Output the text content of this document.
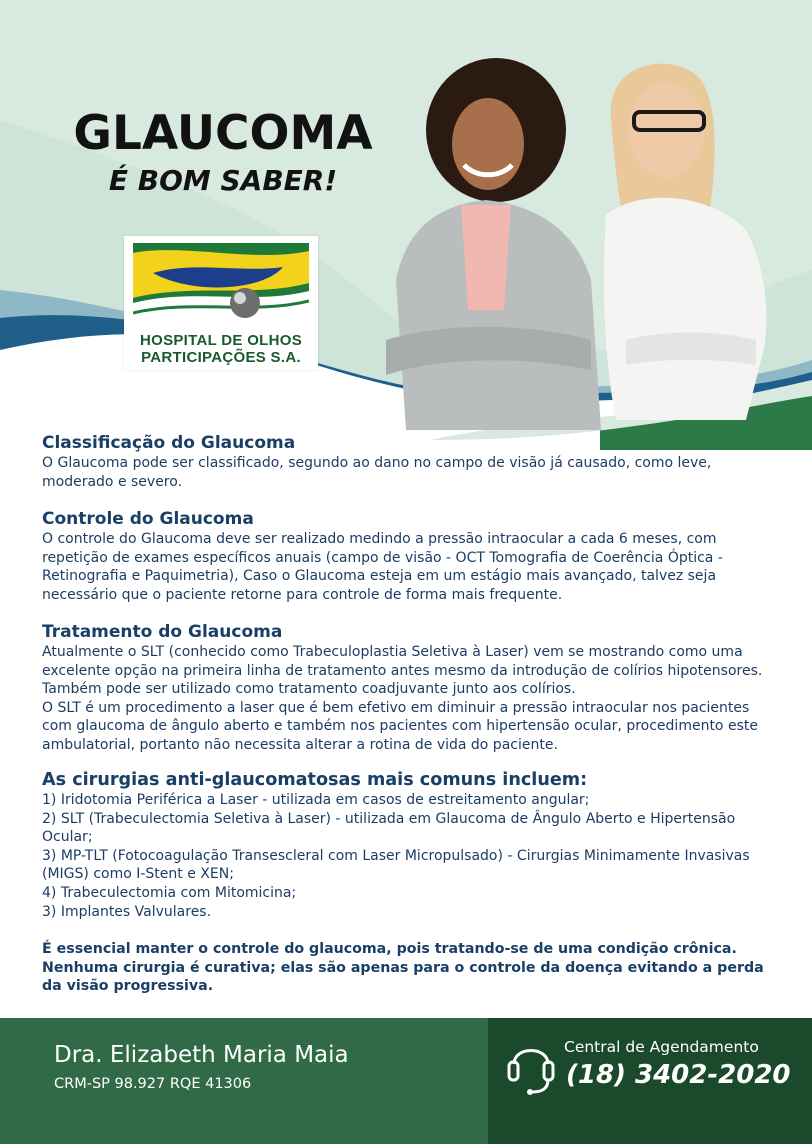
GLAUCOMA
É BOM SABER!
HOSPITAL DE OLHOS
PARTICIPAÇÕES S.A.
Classificação do Glaucoma

O Glaucoma pode ser classificado, segundo ao dano no campo de visão já causado, como leve, moderado e severo.

Controle do Glaucoma

O controle do Glaucoma deve ser realizado medindo a pressão intraocular a cada 6 meses, com repetição de exames específicos anuais (campo de visão - OCT Tomografia de Coerência Óptica - Retinografia e Paquimetria), Caso o Glaucoma esteja em um estágio mais avançado, talvez seja necessário que o paciente retorne para controle de forma mais frequente.

Tratamento do Glaucoma

Atualmente o SLT (conhecido como Trabeculoplastia Seletiva à Laser) vem se mostrando como uma excelente opção na primeira linha de tratamento antes mesmo da introdução de colírios hipotensores. Também pode ser utilizado como tratamento coadjuvante junto aos colírios.

O SLT é um procedimento a laser que é bem efetivo em diminuir a pressão intraocular nos pacientes com glaucoma de ângulo aberto e também nos pacientes com hipertensão ocular, procedimento este ambulatorial, portanto não necessita alterar a rotina de vida do paciente.

As cirurgias anti-glaucomatosas mais comuns incluem:

1) Iridotomia Periférica a Laser - utilizada em casos de estreitamento angular;

2) SLT (Trabeculectomia Seletiva à Laser) - utilizada em Glaucoma de Ângulo Aberto e Hipertensão Ocular;

3) MP-TLT (Fotocoagulação Transescleral com Laser Micropulsado) - Cirurgias Minimamente Invasivas (MIGS) como I-Stent e XEN;

4) Trabeculectomia com Mitomicina;

3) Implantes Valvulares.

É essencial manter o controle do glaucoma, pois tratando-se de uma condição crônica. Nenhuma cirurgia é curativa; elas são apenas para o controle da doença evitando a perda da visão progressiva.

Dra. Elizabeth Maria Maia
CRM-SP 98.927 RQE 41306
Central de Agendamento
(18) 3402-2020
